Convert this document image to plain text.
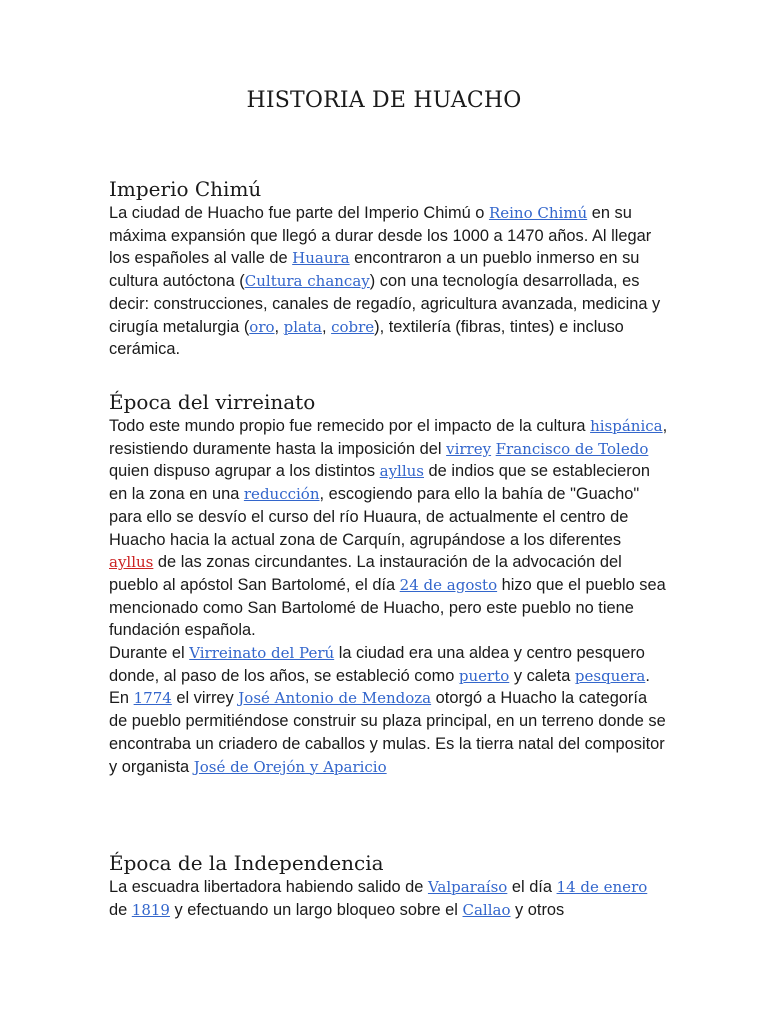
HISTORIA DE HUACHO
Imperio Chimú

La ciudad de Huacho fue parte del Imperio Chimú o Reino Chimú en su máxima expansión que llegó a durar desde los 1000 a 1470 años. Al llegar los españoles al valle de Huaura encontraron a un pueblo inmerso en su cultura autóctona (Cultura chancay) con una tecnología desarrollada, es decir: construcciones, canales de regadío, agricultura avanzada, medicina y cirugía metalurgia (oro, plata, cobre), textilería (fibras, tintes) e incluso cerámica.

Época del virreinato

Todo este mundo propio fue remecido por el impacto de la cultura hispánica, resistiendo duramente hasta la imposición del virrey Francisco de Toledo quien dispuso agrupar a los distintos ayllus de indios que se establecieron en la zona en una reducción, escogiendo para ello la bahía de "Guacho" para ello se desvío el curso del río Huaura, de actualmente el centro de Huacho hacia la actual zona de Carquín, agrupándose a los diferentes ayllus de las zonas circundantes. La instauración de la advocación del pueblo al apóstol San Bartolomé, el día 24 de agosto hizo que el pueblo sea mencionado como San Bartolomé de Huacho, pero este pueblo no tiene fundación española.

Durante el Virreinato del Perú la ciudad era una aldea y centro pesquero donde, al paso de los años, se estableció como puerto y caleta pesquera. En 1774 el virrey José Antonio de Mendoza otorgó a Huacho la categoría de pueblo permitiéndose construir su plaza principal, en un terreno donde se encontraba un criadero de caballos y mulas. Es la tierra natal del compositor y organista José de Orejón y Aparicio

Época de la Independencia

La escuadra libertadora habiendo salido de Valparaíso el día 14 de enero de 1819 y efectuando un largo bloqueo sobre el Callao y otros
